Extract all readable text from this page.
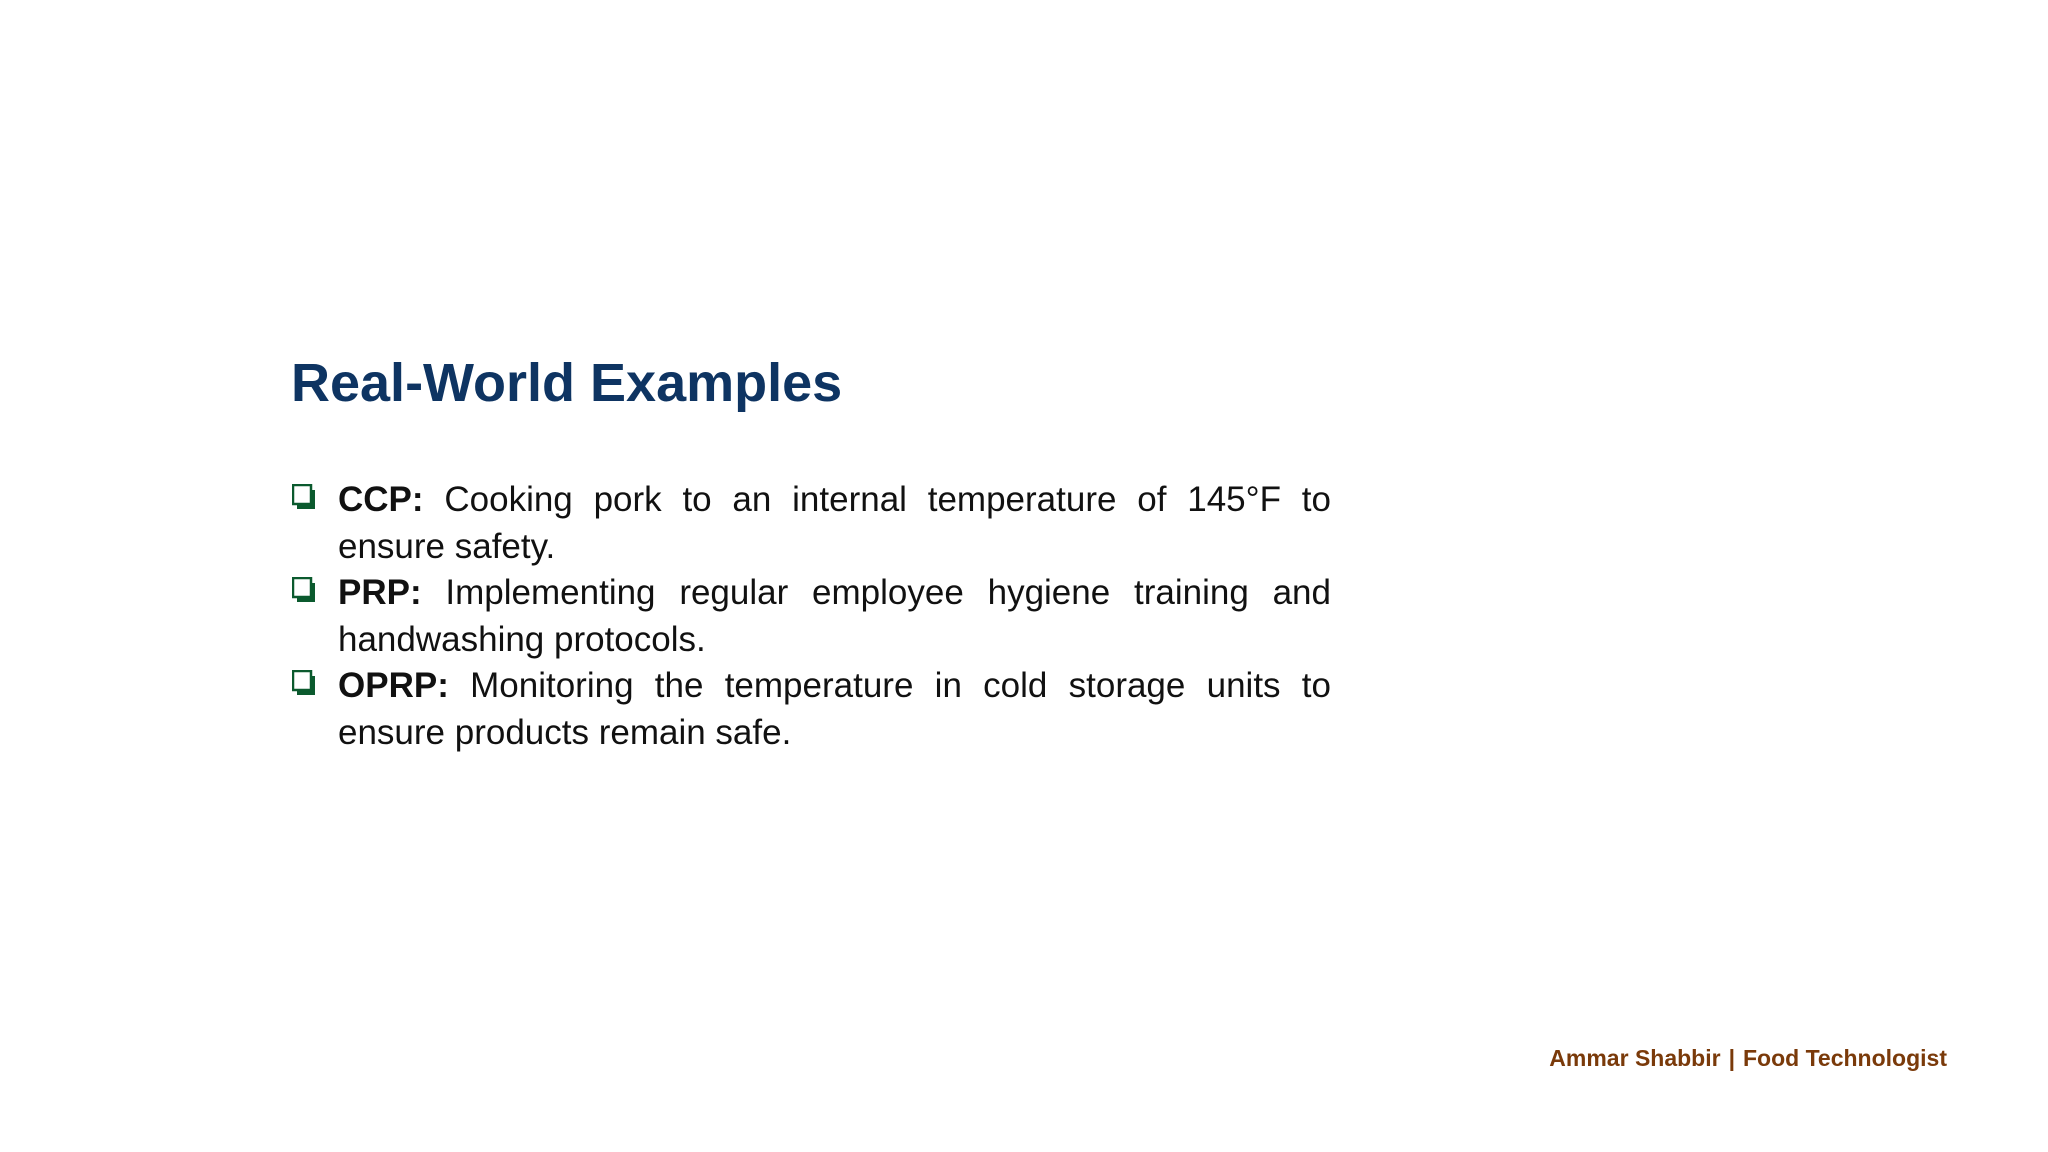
Real-World Examples
CCP: Cooking pork to an internal temperature of 145°F to ensure safety.
PRP: Implementing regular employee hygiene training and handwashing protocols.
OPRP: Monitoring the temperature in cold storage units to ensure products remain safe.
Ammar Shabbir | Food Technologist
